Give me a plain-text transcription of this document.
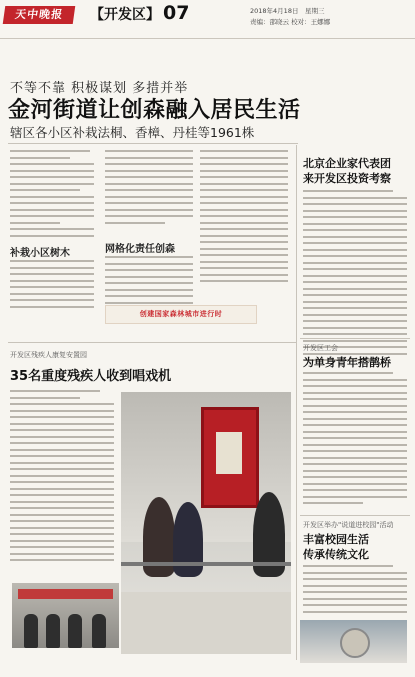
天中晚报	【开发区】 07	2018年4月18日　星期三
责编：邵晓云 校对：王娜娜
不等不靠 积极谋划 多措并举
金河街道让创森融入居民生活
辖区各小区补栽法桐、香樟、丹桂等1961株
补栽小区树木	网格化责任创森
创建国家森林城市进行时
北京企业家代表团
来开发区投资考察
开发区工会
为单身青年搭鹊桥
开发区举办"说道进校园"活动
丰富校园生活
传承传统文化
开发区残疾人康复安置园
35名重度残疾人收到唱戏机
